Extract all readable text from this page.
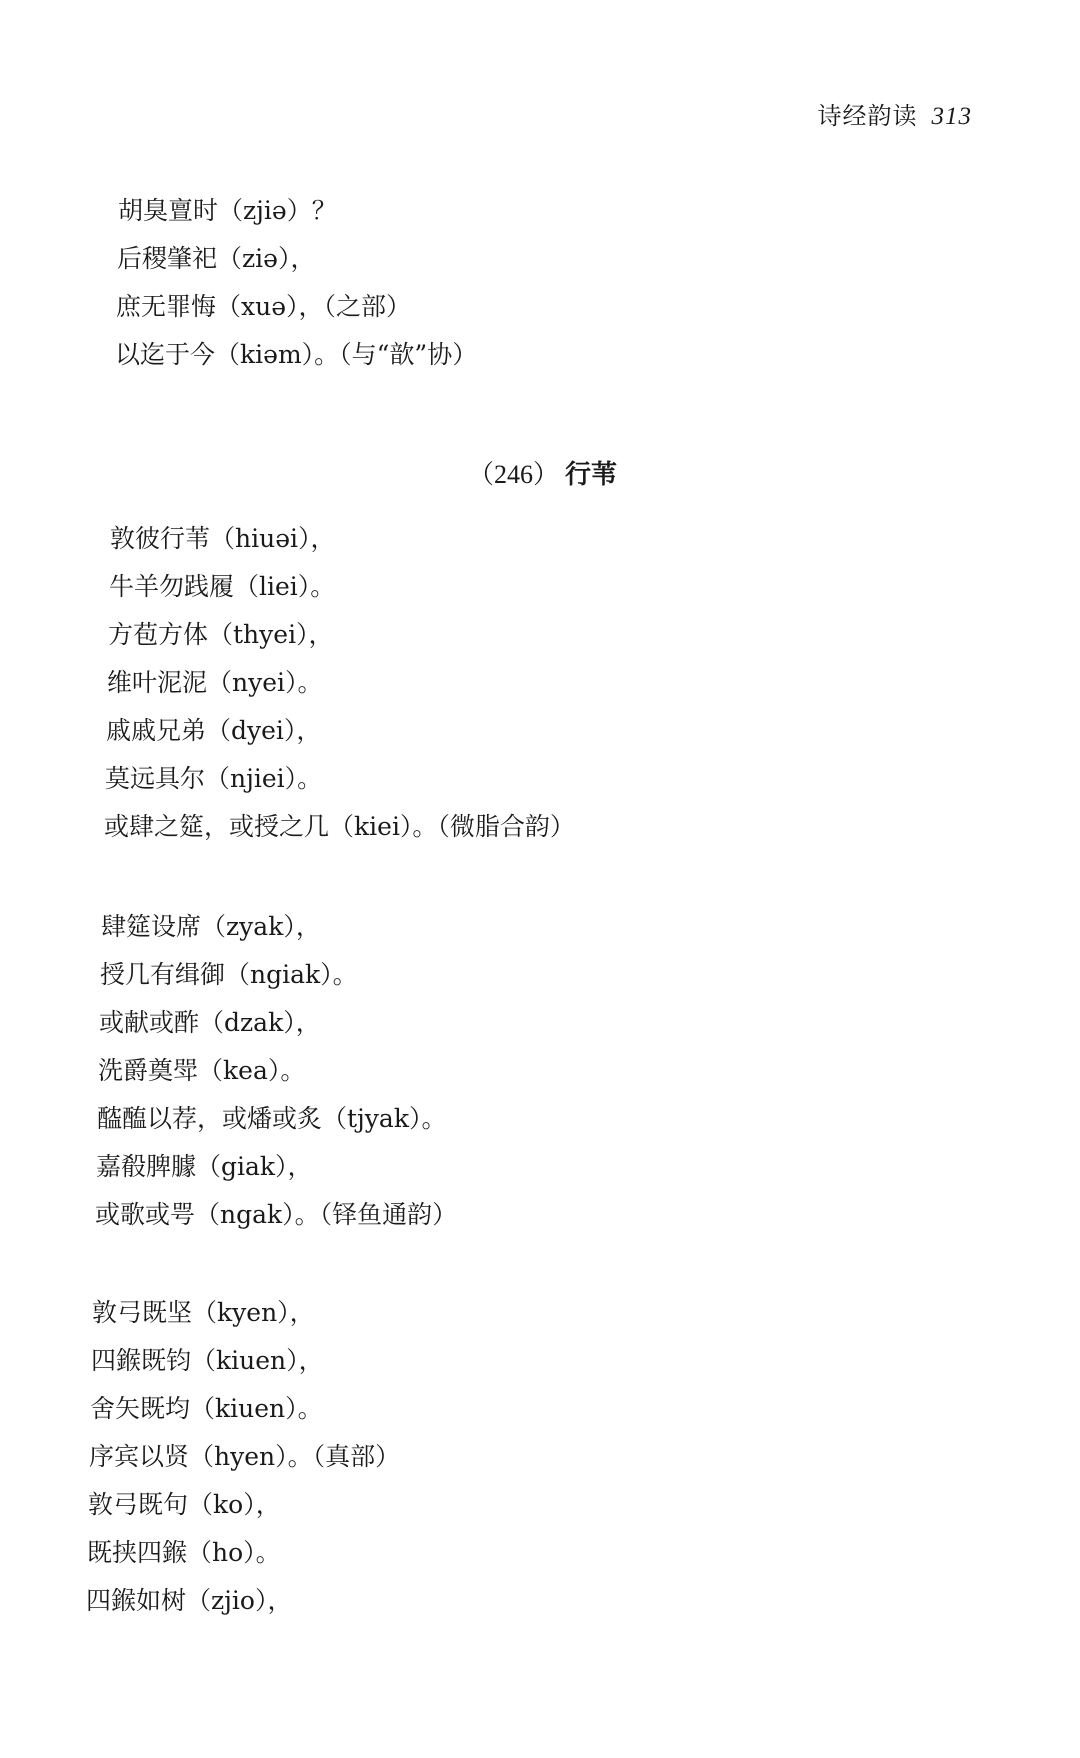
诗经韵读 313
胡臭亶时（zjiə）？
后稷肇祀（ziə），
庶无罪悔（xuə），（之部）
以迄于今（kiəm）。（与“歆”协）
（246） 行苇
敦彼行苇（hiuəi），
牛羊勿践履（liei）。
方苞方体（thyei），
维叶泥泥（nyei）。
戚戚兄弟（dyei），
莫远具尔（njiei）。
或肆之筵，或授之几（kiei）。（微脂合韵）
肆筵设席（zyak），
授几有缉御（ngiak）。
或献或酢（dzak），
洗爵奠斝（kea）。
醓醢以荐，或燔或炙（tjyak）。
嘉殽脾臄（giak），
或歌或咢（ngak）。（铎鱼通韵）
敦弓既坚（kyen），
四鍭既钧（kiuen），
舍矢既均（kiuen）。
序宾以贤（hyen）。（真部）
敦弓既句（ko），
既挟四鍭（ho）。
四鍭如树（zjio），
